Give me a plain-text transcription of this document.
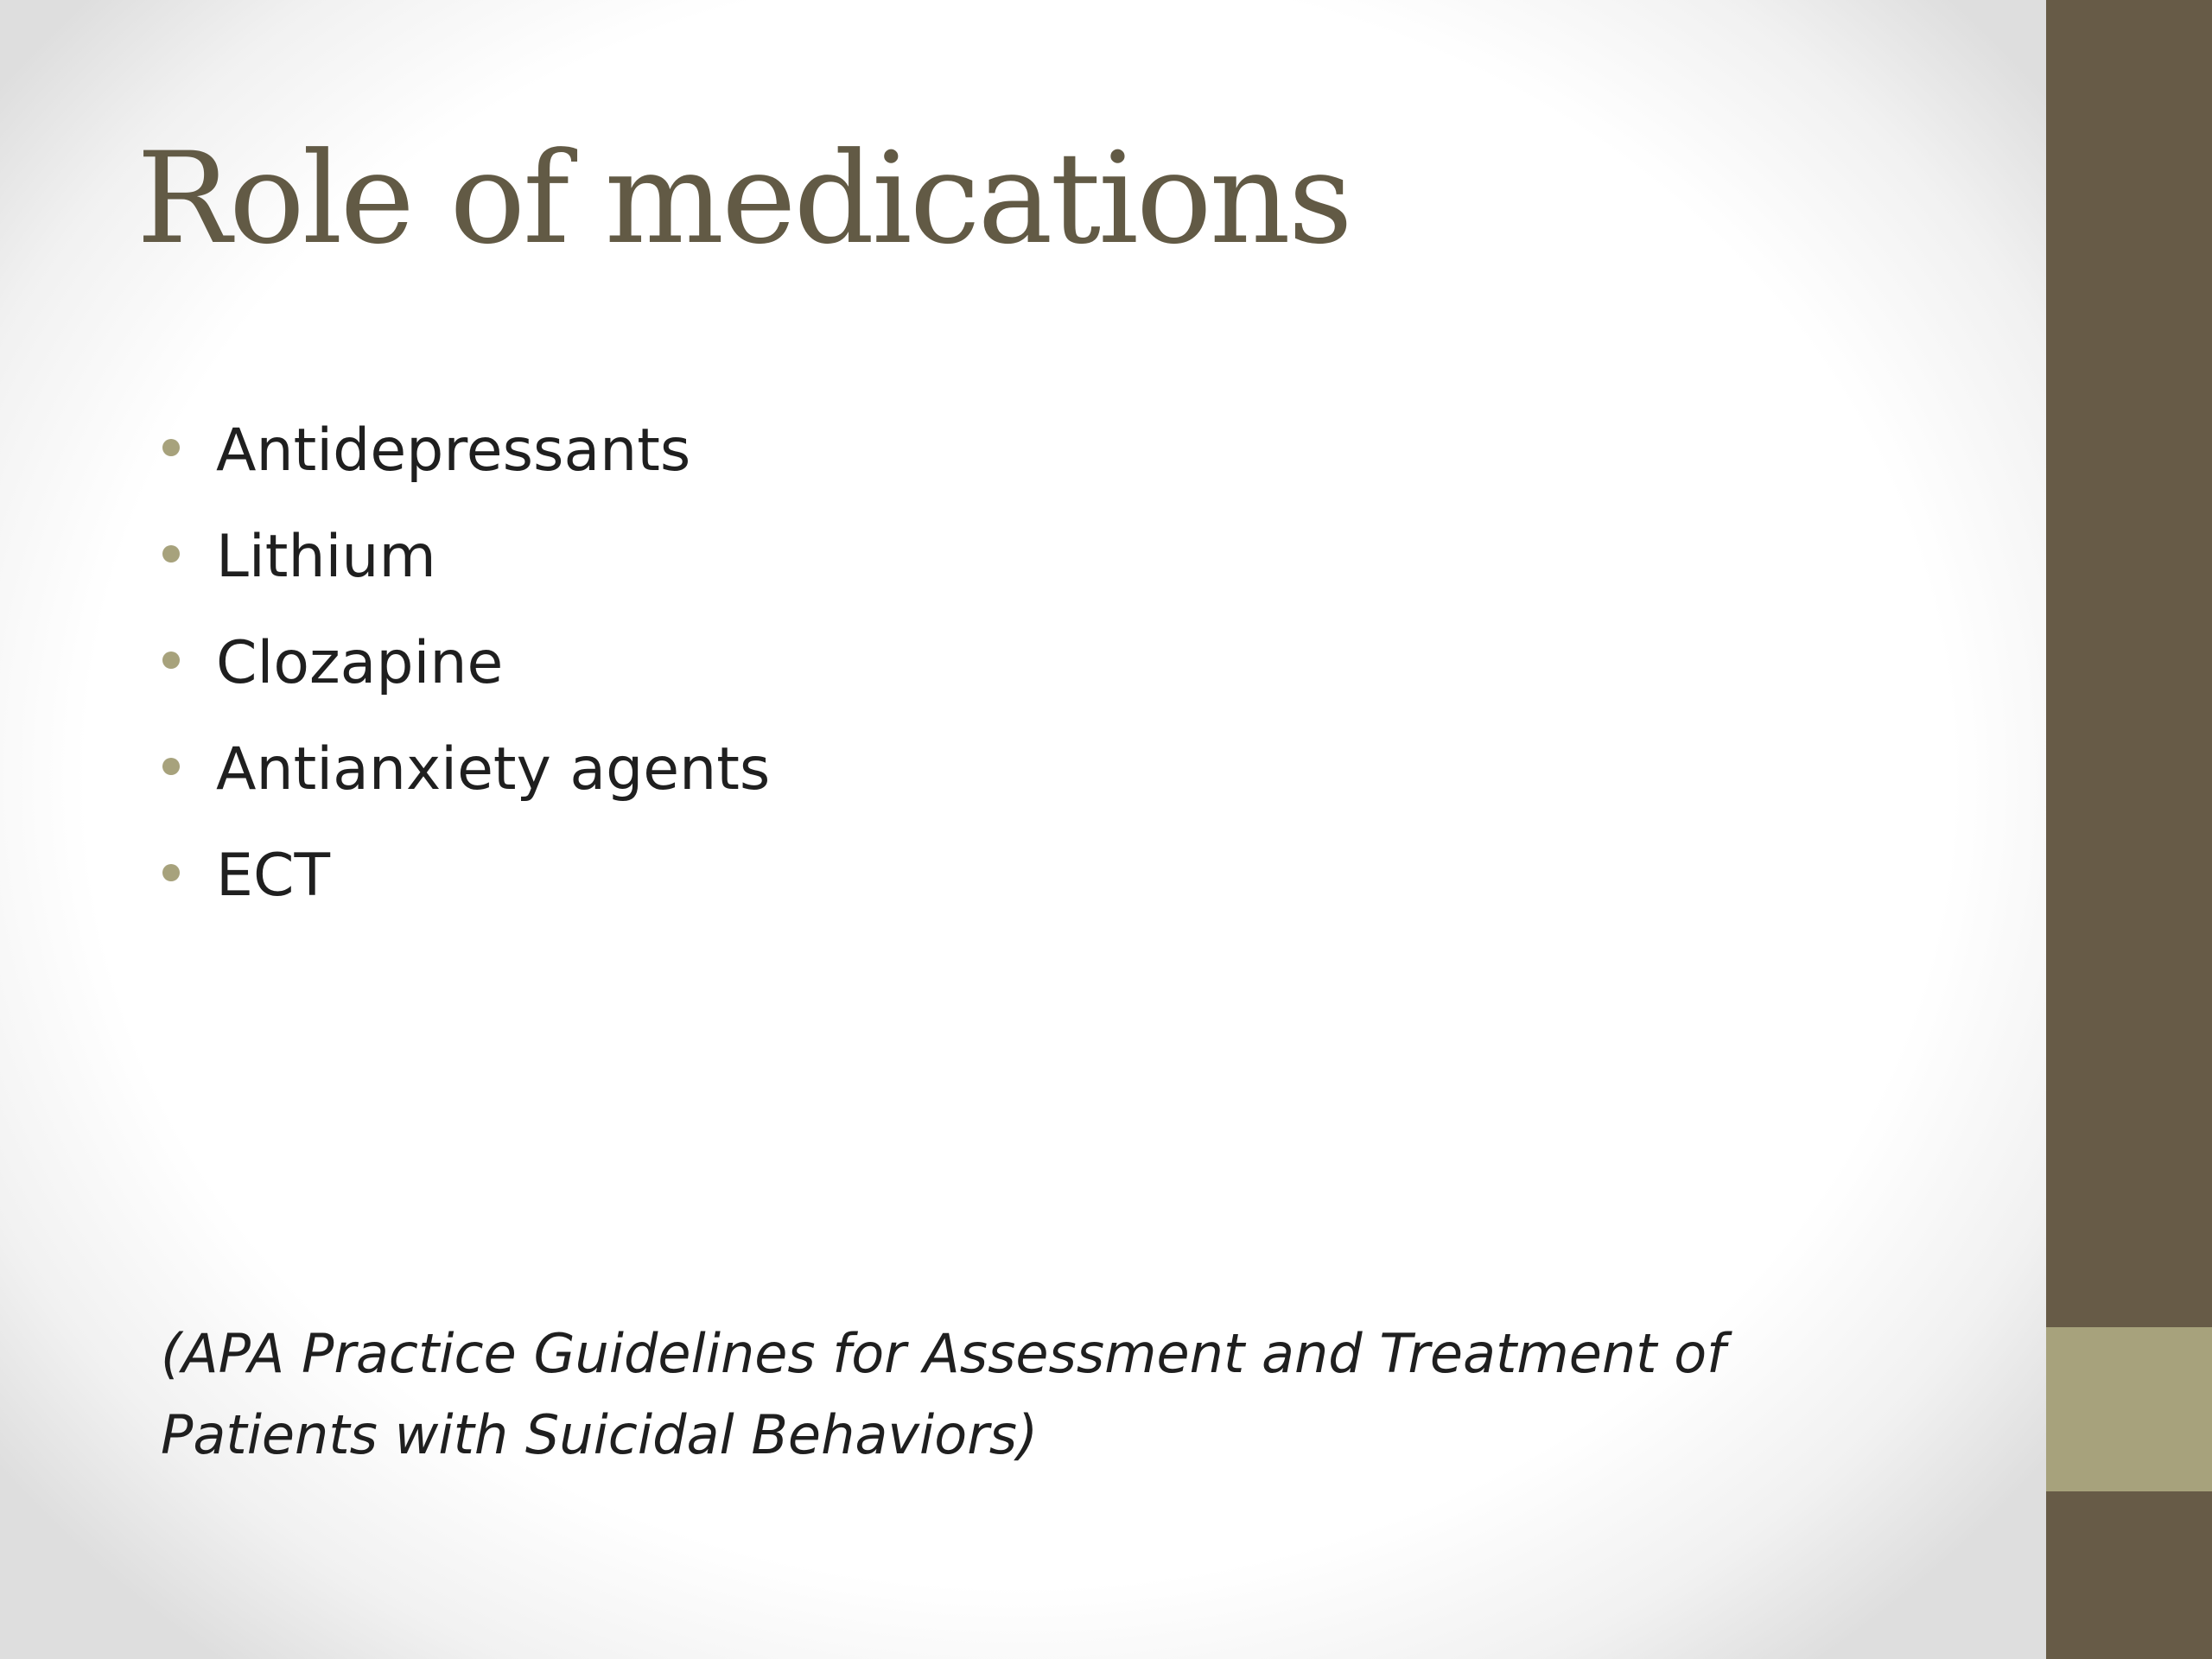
Role of medications
Antidepressants
Lithium
Clozapine
Antianxiety agents
ECT

(APA Practice Guidelines for Assessment and Treatment of
Patients with Suicidal Behaviors)
